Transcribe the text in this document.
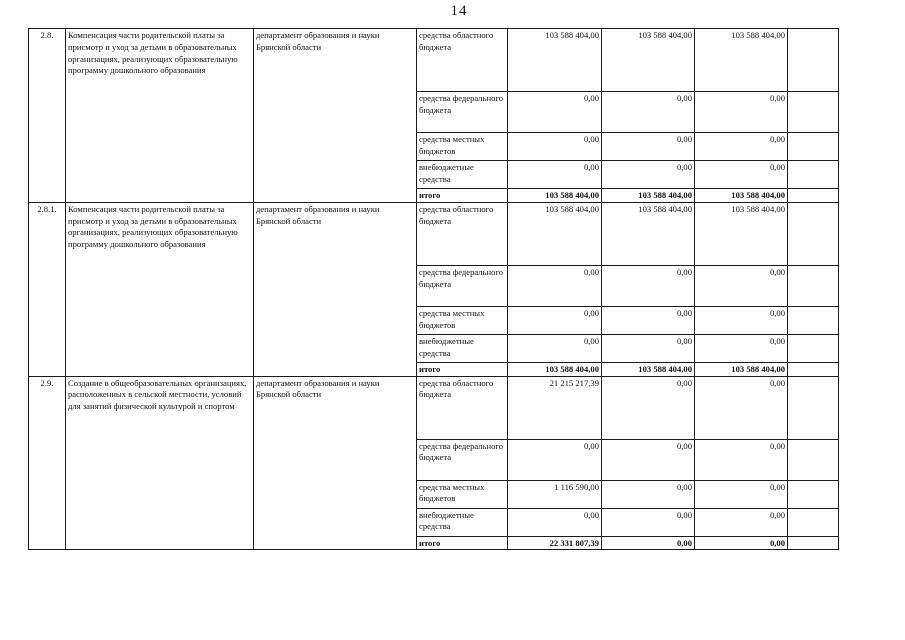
14
2.8.	Компенсация части родительской платы за присмотр и уход за детьми в образовательных организациях, реализующих образовательную программу дошкольного образования	департамент образования и науки Брянской области	средства областного бюджета	103 588 404,00	103 588 404,00	103 588 404,00	
			средства федерального бюджета	0,00	0,00	0,00	
			средства местных бюджетов	0,00	0,00	0,00	
			внебюджетные средства	0,00	0,00	0,00	
			итого	103 588 404,00	103 588 404,00	103 588 404,00	
2.8.1.	Компенсация части родительской платы за присмотр и уход за детьми в образовательных организациях, реализующих образовательную программу дошкольного образования	департамент образования и науки Брянской области	средства областного бюджета	103 588 404,00	103 588 404,00	103 588 404,00	
			средства федерального бюджета	0,00	0,00	0,00	
			средства местных бюджетов	0,00	0,00	0,00	
			внебюджетные средства	0,00	0,00	0,00	
			итого	103 588 404,00	103 588 404,00	103 588 404,00	
2.9.	Создание в общеобразовательных организациях, расположенных в сельской местности, условий для занятий физической культурой и спортом	департамент образования и науки Брянской области	средства областного бюджета	21 215 217,39	0,00	0,00	
			средства федерального бюджета	0,00	0,00	0,00	
			средства местных бюджетов	1 116 590,00	0,00	0,00	
			внебюджетные средства	0,00	0,00	0,00	
			итого	22 331 807,39	0,00	0,00	
